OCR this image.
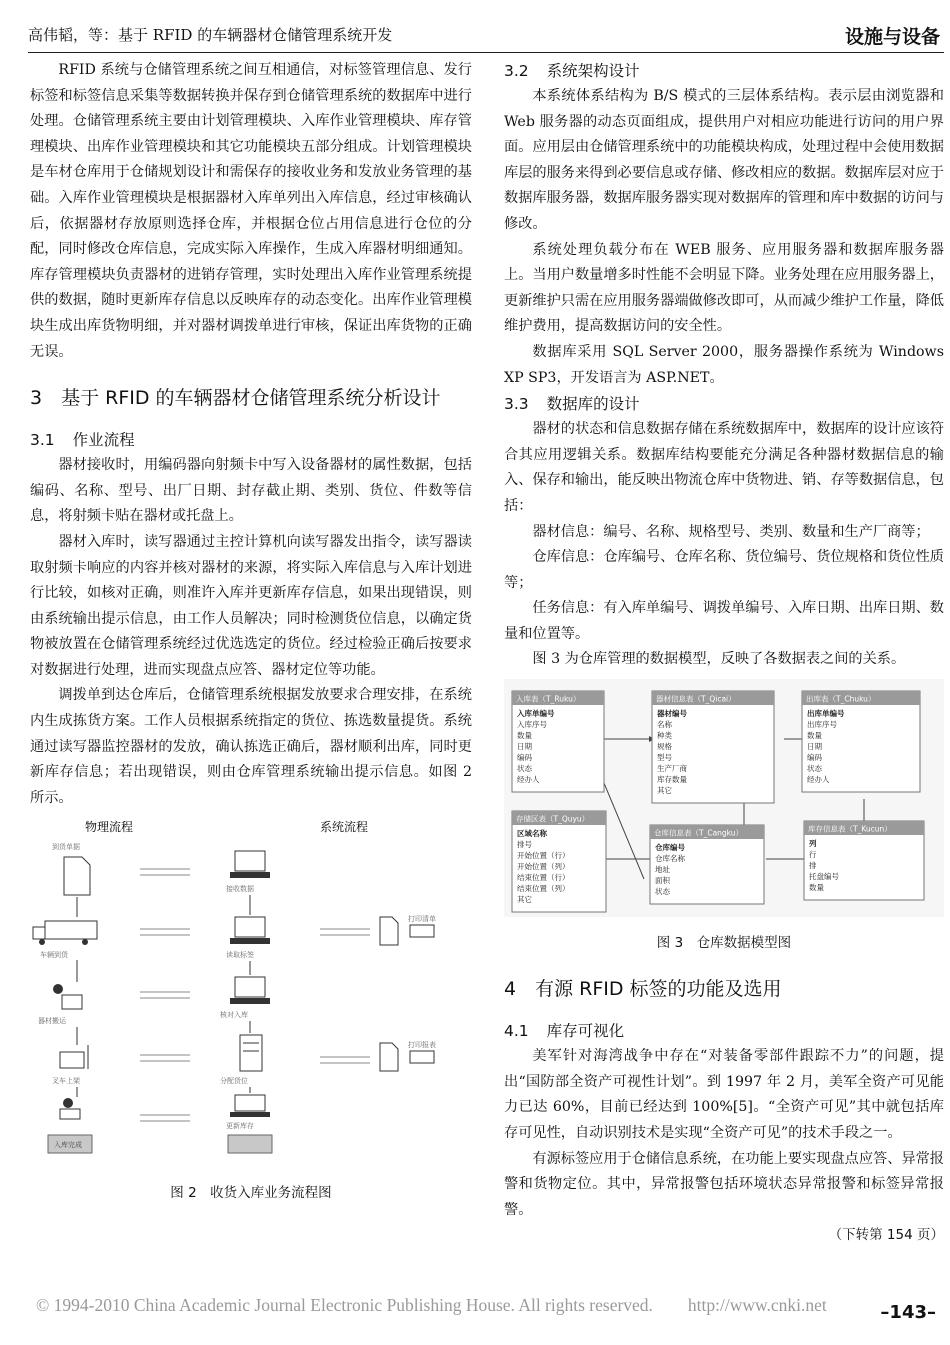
高伟韬，等：基于 RFID 的车辆器材仓储管理系统开发	设施与设备

RFID 系统与仓储管理系统之间互相通信，对标签管理信息、发行标签和标签信息采集等数据转换并保存到仓储管理系统的数据库中进行处理。仓储管理系统主要由计划管理模块、入库作业管理模块、库存管理模块、出库作业管理模块和其它功能模块五部分组成。计划管理模块是车材仓库用于仓储规划设计和需保存的接收业务和发放业务管理的基础。入库作业管理模块是根据器材入库单列出入库信息，经过审核确认后，依据器材存放原则选择仓库，并根据仓位占用信息进行仓位的分配，同时修改仓库信息，完成实际入库操作，生成入库器材明细通知。库存管理模块负责器材的进销存管理，实时处理出入库作业管理系统提供的数据，随时更新库存信息以反映库存的动态变化。出库作业管理模块生成出库货物明细，并对器材调拨单进行审核，保证出库货物的正确无误。

3　基于 RFID 的车辆器材仓储管理系统分析设计
3.1 作业流程

器材接收时，用编码器向射频卡中写入设备器材的属性数据，包括编码、名称、型号、出厂日期、封存截止期、类别、货位、件数等信息，将射频卡贴在器材或托盘上。

器材入库时，读写器通过主控计算机向读写器发出指令，读写器读取射频卡响应的内容并核对器材的来源，将实际入库信息与入库计划进行比较，如核对正确，则准许入库并更新库存信息，如果出现错误，则由系统输出提示信息，由工作人员解决；同时检测货位信息，以确定货物被放置在仓储管理系统经过优选选定的货位。经过检验正确后按要求对数据进行处理，进而实现盘点应答、器材定位等功能。

调拨单到达仓库后，仓储管理系统根据发放要求合理安排，在系统内生成拣货方案。工作人员根据系统指定的货位、拣选数量提货。系统通过读写器监控器材的发放，确认拣选正确后，器材顺利出库，同时更新库存信息；若出现错误，则由仓库管理系统输出提示信息。如图 2 所示。

物理流程	系统流程
到货单据
车辆到货
器材搬运
叉车上架
入库完成
接收数据
读取标签
核对入库
分配货位
更新库存
打印清单
打印报表
图 2　收货入库业务流程图
3.2 系统架构设计

本系统体系结构为 B/S 模式的三层体系结构。表示层由浏览器和 Web 服务器的动态页面组成，提供用户对相应功能进行访问的用户界面。应用层由仓储管理系统中的功能模块构成，处理过程中会使用数据库层的服务来得到必要信息或存储、修改相应的数据。数据库层对应于数据库服务器，数据库服务器实现对数据库的管理和库中数据的访问与修改。

系统处理负载分布在 WEB 服务、应用服务器和数据库服务器上。当用户数量增多时性能不会明显下降。业务处理在应用服务器上，更新维护只需在应用服务器端做修改即可，从而减少维护工作量，降低维护费用，提高数据访问的安全性。

数据库采用 SQL Server 2000，服务器操作系统为 Windows XP SP3，开发语言为 ASP.NET。

3.3 数据库的设计

器材的状态和信息数据存储在系统数据库中，数据库的设计应该符合其应用逻辑关系。数据库结构要能充分满足各种器材数据信息的输入、保存和输出，能反映出物流仓库中货物进、销、存等数据信息，包括：

器材信息：编号、名称、规格型号、类别、数量和生产厂商等；

仓库信息：仓库编号、仓库名称、货位编号、货位规格和货位性质等；

任务信息：有入库单编号、调拨单编号、入库日期、出库日期、数量和位置等。

图 3 为仓库管理的数据模型，反映了各数据表之间的关系。

入库表（T_Ruku）
入库单编号
入库序号
数量
日期
编码
状态
经办人
器材信息表（T_Qicai）
器材编号
名称
种类
规格
型号
生产厂商
库存数量
其它
出库表（T_Chuku）
出库单编号
出库序号
数量
日期
编码
状态
经办人
存储区表（T_Quyu）
区域名称
排号
开始位置（行）
开始位置（列）
结束位置（行）
结束位置（列）
其它
仓库信息表（T_Cangku）
仓库编号
仓库名称
地址
面积
状态
库存信息表（T_Kucun）
列
行
排
托盘编号
数量
图 3　仓库数据模型图
4　有源 RFID 标签的功能及选用
4.1 库存可视化

美军针对海湾战争中存在“对装备零部件跟踪不力”的问题，提出“国防部全资产可视性计划”。到 1997 年 2 月，美军全资产可见能力已达 60%，目前已经达到 100%[5]。“全资产可见”其中就包括库存可见性，自动识别技术是实现“全资产可见”的技术手段之一。

有源标签应用于仓储信息系统，在功能上要实现盘点应答、异常报警和货物定位。其中，异常报警包括环境状态异常报警和标签异常报警。

（下转第 154 页）
© 1994-2010 China Academic Journal Electronic Publishing House. All rights reserved.　　http://www.cnki.net	–143–
